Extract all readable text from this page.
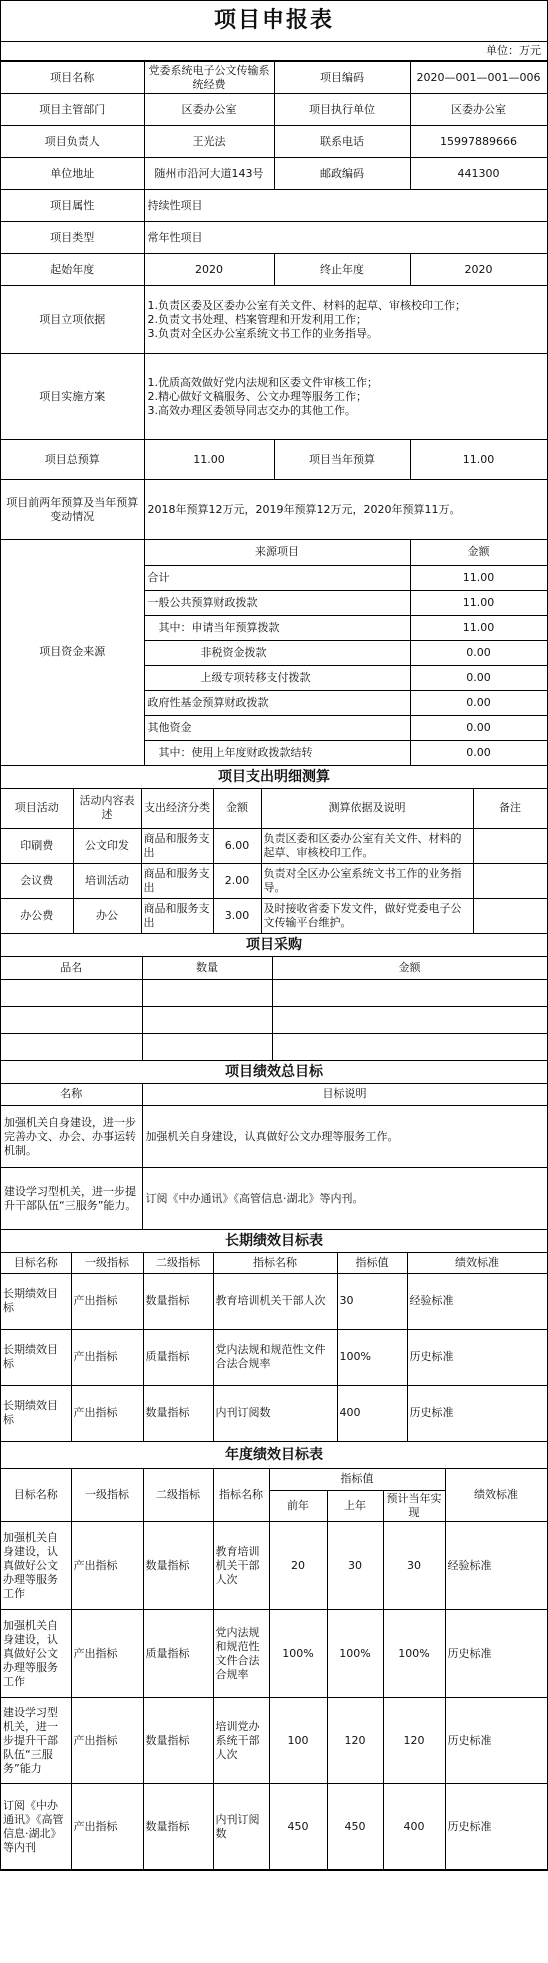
项目申报表
单位：万元
项目名称	党委系统电子公文传输系统经费	项目编码	2020—001—001—006
项目主管部门	区委办公室	项目执行单位	区委办公室
项目负责人	王光法	联系电话	15997889666
单位地址	随州市沿河大道143号	邮政编码	441300
项目属性	持续性项目		
项目类型	常年性项目		
起始年度	2020	终止年度	2020
项目立项依据	1.负责区委及区委办公室有关文件、材料的起草、审核校印工作；
2.负责文书处理、档案管理和开发利用工作；
3.负责对全区办公室系统文书工作的业务指导。		

项目实施方案	1.优质高效做好党内法规和区委文件审核工作；
2.精心做好文稿服务、公文办理等服务工作；
3.高效办理区委领导同志交办的其他工作。		

项目总预算	11.00	项目当年预算	11.00
项目前两年预算及当年预算变动情况	2018年预算12万元，2019年预算12万元，2020年预算11万。		
项目资金来源	来源项目	金额
	合计	11.00
	一般公共预算财政拨款	11.00
	其中：申请当年预算拨款	11.00
	非税资金拨款	0.00
	上级专项转移支付拨款	0.00
	政府性基金预算财政拨款	0.00
	其他资金	0.00
	其中：使用上年度财政拨款结转	0.00
项目支出明细测算
项目活动	活动内容表述	支出经济分类	金额	测算依据及说明	备注
印刷费	公文印发	商品和服务支出	6.00	负责区委和区委办公室有关文件、材料的起草、审核校印工作。	
会议费	培训活动	商品和服务支出	2.00	负责对全区办公室系统文书工作的业务指导。	
办公费	办公	商品和服务支出	3.00	及时接收省委下发文件，做好党委电子公文传输平台维护。	
项目采购
品名	数量	金额

项目绩效总目标
名称	目标说明
加强机关自身建设，进一步完善办文、办会、办事运转机制。	加强机关自身建设，认真做好公文办理等服务工作。
建设学习型机关，进一步提升干部队伍“三服务”能力。	订阅《中办通讯》《高管信息·湖北》等内刊。
长期绩效目标表
目标名称	一级指标	二级指标	指标名称	指标值	绩效标准
长期绩效目标	产出指标	数量指标	教育培训机关干部人次	30	经验标准
长期绩效目标	产出指标	质量指标	党内法规和规范性文件合法合规率	100%	历史标准
长期绩效目标	产出指标	数量指标	内刊订阅数	400	历史标准
年度绩效目标表
目标名称	一级指标	二级指标	指标名称	指标值			绩效标准
				前年	上年	预计当年实现	
加强机关自身建设，认真做好公文办理等服务工作	产出指标	数量指标	教育培训机关干部人次	20	30	30	经验标准
加强机关自身建设，认真做好公文办理等服务工作	产出指标	质量指标	党内法规和规范性文件合法合规率	100%	100%	100%	历史标准
建设学习型机关，进一步提升干部队伍“三服务”能力	产出指标	数量指标	培训党办系统干部人次	100	120	120	历史标准
订阅《中办通讯》《高管信息·湖北》等内刊	产出指标	数量指标	内刊订阅数	450	450	400	历史标准
